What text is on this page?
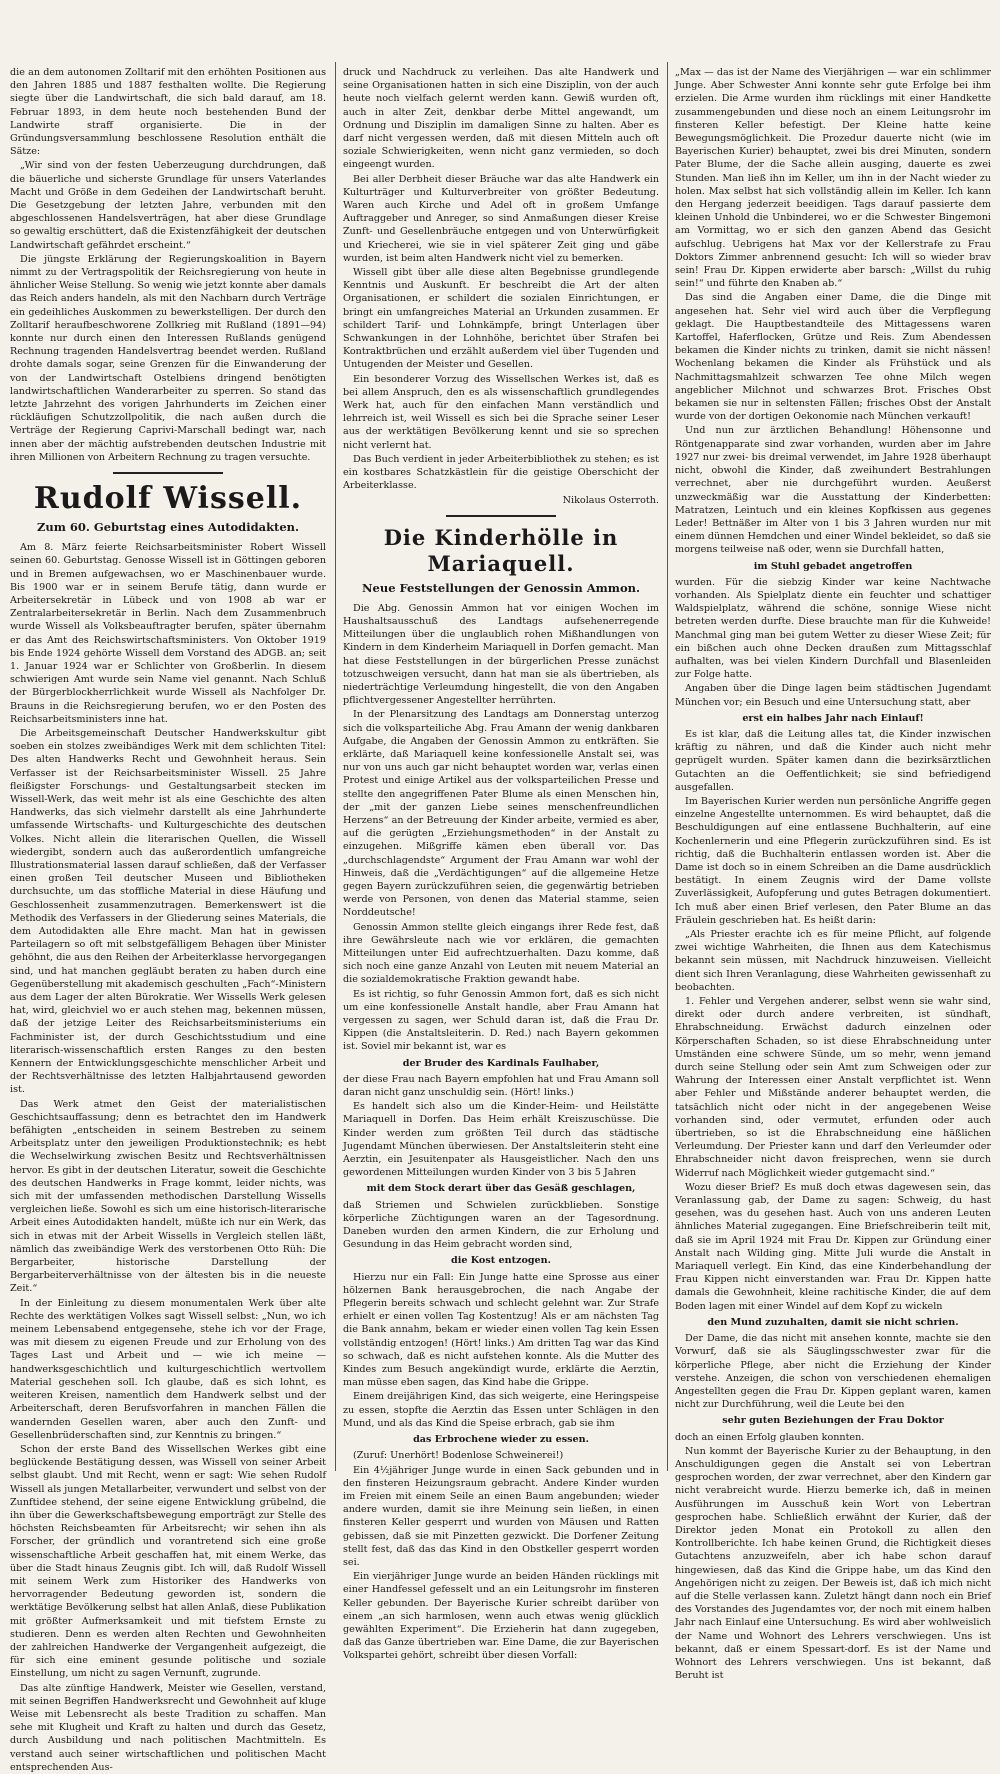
die an dem autonomen Zolltarif mit den erhöhten Positionen aus den Jahren 1885 und 1887 festhalten wollte. Die Regierung siegte über die Landwirtschaft, die sich bald darauf, am 18. Februar 1893, in dem heute noch bestehenden Bund der Landwirte straff organisierte. Die in der Gründungsversammlung beschlossene Resolution enthält die Sätze:

„Wir sind von der festen Ueberzeugung durchdrungen, daß die bäuerliche und sicherste Grundlage für unsers Vaterlandes Macht und Größe in dem Gedeihen der Landwirtschaft beruht. Die Gesetzgebung der letzten Jahre, verbunden mit den abgeschlossenen Handelsverträgen, hat aber diese Grundlage so gewaltig erschüttert, daß die Existenzfähigkeit der deutschen Landwirtschaft gefährdet erscheint.“

Die jüngste Erklärung der Regierungskoalition in Bayern nimmt zu der Vertragspolitik der Reichsregierung von heute in ähnlicher Weise Stellung. So wenig wie jetzt konnte aber damals das Reich anders handeln, als mit den Nachbarn durch Verträge ein gedeihliches Auskommen zu bewerkstelligen. Der durch den Zolltarif heraufbeschworene Zollkrieg mit Rußland (1891—94) konnte nur durch einen den Interessen Rußlands genügend Rechnung tragenden Handelsvertrag beendet werden. Rußland drohte damals sogar, seine Grenzen für die Einwanderung der von der Landwirtschaft Ostelbiens dringend benötigten landwirtschaftlichen Wanderarbeiter zu sperren. So stand das letzte Jahrzehnt des vorigen Jahrhunderts im Zeichen einer rückläufigen Schutzzollpolitik, die nach außen durch die Verträge der Regierung Caprivi-Marschall bedingt war, nach innen aber der mächtig aufstrebenden deutschen Industrie mit ihren Millionen von Arbeitern Rechnung zu tragen versuchte.

Rudolf Wissell.
Zum 60. Geburtstag eines Autodidakten.

Am 8. März feierte Reichsarbeitsminister Robert Wissell seinen 60. Geburtstag. Genosse Wissell ist in Göttingen geboren und in Bremen aufgewachsen, wo er Maschinenbauer wurde. Bis 1900 war er in seinem Berufe tätig, dann wurde er Arbeitersekretär in Lübeck und von 1908 ab war er Zentralarbeitersekretär in Berlin. Nach dem Zusammenbruch wurde Wissell als Volksbeauftragter berufen, später übernahm er das Amt des Reichswirtschaftsministers. Von Oktober 1919 bis Ende 1924 gehörte Wissell dem Vorstand des ADGB. an; seit 1. Januar 1924 war er Schlichter von Großberlin. In diesem schwierigen Amt wurde sein Name viel genannt. Nach Schluß der Bürgerblockherrlichkeit wurde Wissell als Nachfolger Dr. Brauns in die Reichsregierung berufen, wo er den Posten des Reichsarbeitsministers inne hat.

Die Arbeitsgemeinschaft Deutscher Handwerkskultur gibt soeben ein stolzes zweibändiges Werk mit dem schlichten Titel: Des alten Handwerks Recht und Gewohnheit heraus. Sein Verfasser ist der Reichsarbeitsminister Wissell. 25 Jahre fleißigster Forschungs- und Gestaltungsarbeit stecken im Wissell-Werk, das weit mehr ist als eine Geschichte des alten Handwerks, das sich vielmehr darstellt als eine Jahrhunderte umfassende Wirtschafts- und Kulturgeschichte des deutschen Volkes. Nicht allein die literarischen Quellen, die Wissell wiedergibt, sondern auch das außerordentlich umfangreiche Illustrationsmaterial lassen darauf schließen, daß der Verfasser einen großen Teil deutscher Museen und Bibliotheken durchsuchte, um das stoffliche Material in diese Häufung und Geschlossenheit zusammenzutragen. Bemerkenswert ist die Methodik des Verfassers in der Gliederung seines Materials, die dem Autodidakten alle Ehre macht. Man hat in gewissen Parteilagern so oft mit selbstgefälligem Behagen über Minister gehöhnt, die aus den Reihen der Arbeiterklasse hervorgegangen sind, und hat manchen gegläubt beraten zu haben durch eine Gegenüberstellung mit akademisch geschulten „Fach“-Ministern aus dem Lager der alten Bürokratie. Wer Wissells Werk gelesen hat, wird, gleichviel wo er auch stehen mag, bekennen müssen, daß der jetzige Leiter des Reichsarbeitsministeriums ein Fachminister ist, der durch Geschichtsstudium und eine literarisch-wissenschaftlich ersten Ranges zu den besten Kennern der Entwicklungsgeschichte menschlicher Arbeit und der Rechtsverhältnisse des letzten Halbjahrtausend geworden ist.

Das Werk atmet den Geist der materialistischen Geschichtsauffassung; denn es betrachtet den im Handwerk befähigten „entscheiden in seinem Bestreben zu seinem Arbeitsplatz unter den jeweiligen Produktionstechnik; es hebt die Wechselwirkung zwischen Besitz und Rechtsverhältnissen hervor. Es gibt in der deutschen Literatur, soweit die Geschichte des deutschen Handwerks in Frage kommt, leider nichts, was sich mit der umfassenden methodischen Darstellung Wissells vergleichen ließe. Sowohl es sich um eine historisch-literarische Arbeit eines Autodidakten handelt, müßte ich nur ein Werk, das sich in etwas mit der Arbeit Wissells in Vergleich stellen läßt, nämlich das zweibändige Werk des verstorbenen Otto Rüh: Die Bergarbeiter, historische Darstellung der Bergarbeiterverhältnisse von der ältesten bis in die neueste Zeit.“

In der Einleitung zu diesem monumentalen Werk über alte Rechte des werktätigen Volkes sagt Wissell selbst: „Nun, wo ich meinem Lebensabend entgegensehe, stehe ich vor der Frage, was mit diesem zu eigenen Freude und zur Erholung von des Tages Last und Arbeit und — wie ich meine — handwerksgeschichtlich und kulturgeschichtlich wertvollem Material geschehen soll. Ich glaube, daß es sich lohnt, es weiteren Kreisen, namentlich dem Handwerk selbst und der Arbeiterschaft, deren Berufsvorfahren in manchen Fällen die wandernden Gesellen waren, aber auch den Zunft- und Gesellenbrüderschaften sind, zur Kenntnis zu bringen.“

Schon der erste Band des Wissellschen Werkes gibt eine beglückende Bestätigung dessen, was Wissell von seiner Arbeit selbst glaubt. Und mit Recht, wenn er sagt: Wie sehen Rudolf Wissell als jungen Metallarbeiter, verwundert und selbst von der Zunftidee stehend, der seine eigene Entwicklung grübelnd, die ihn über die Gewerkschaftsbewegung emporträgt zur Stelle des höchsten Reichsbeamten für Arbeitsrecht; wir sehen ihn als Forscher, der gründlich und vorantretend sich eine große wissenschaftliche Arbeit geschaffen hat, mit einem Werke, das über die Stadt hinaus Zeugnis gibt. Ich will, daß Rudolf Wissell mit seinem Werk zum Historiker des Handwerks von hervorragender Bedeutung geworden ist, sondern die werktätige Bevölkerung selbst hat allen Anlaß, diese Publikation mit größter Aufmerksamkeit und mit tiefstem Ernste zu studieren. Denn es werden alten Rechten und Gewohnheiten der zahlreichen Handwerke der Vergangenheit aufgezeigt, die für sich eine eminent gesunde politische und soziale Einstellung, um nicht zu sagen Vernunft, zugrunde.

Das alte zünftige Handwerk, Meister wie Gesellen, verstand, mit seinen Begriffen Handwerksrecht und Gewohnheit auf kluge Weise mit Lebensrecht als beste Tradition zu schaffen. Man sehe mit Klugheit und Kraft zu halten und durch das Gesetz, durch Ausbildung und nach politischen Machtmitteln. Es verstand auch seiner wirtschaftlichen und politischen Macht entsprechenden Aus-

druck und Nachdruck zu verleihen. Das alte Handwerk und seine Organisationen hatten in sich eine Disziplin, von der auch heute noch vielfach gelernt werden kann. Gewiß wurden oft, auch in alter Zeit, denkbar derbe Mittel angewandt, um Ordnung und Disziplin im damaligen Sinne zu halten. Aber es darf nicht vergessen werden, daß mit diesen Mitteln auch oft soziale Schwierigkeiten, wenn nicht ganz vermieden, so doch eingeengt wurden.

Bei aller Derbheit dieser Bräuche war das alte Handwerk ein Kulturträger und Kulturverbreiter von größter Bedeutung. Waren auch Kirche und Adel oft in großem Umfange Auftraggeber und Anreger, so sind Anmaßungen dieser Kreise Zunft- und Gesellenbräuche entgegen und von Unterwürfigkeit und Kriecherei, wie sie in viel späterer Zeit ging und gäbe wurden, ist beim alten Handwerk nicht viel zu bemerken.

Wissell gibt über alle diese alten Begebnisse grundlegende Kenntnis und Auskunft. Er beschreibt die Art der alten Organisationen, er schildert die sozialen Einrichtungen, er bringt ein umfangreiches Material an Urkunden zusammen. Er schildert Tarif- und Lohnkämpfe, bringt Unterlagen über Schwankungen in der Lohnhöhe, berichtet über Strafen bei Kontraktbrüchen und erzählt außerdem viel über Tugenden und Untugenden der Meister und Gesellen.

Ein besonderer Vorzug des Wissellschen Werkes ist, daß es bei allem Anspruch, den es als wissenschaftlich grundlegendes Werk hat, auch für den einfachen Mann verständlich und lehrreich ist, weil Wissell es sich bei die Sprache seiner Leser aus der werktätigen Bevölkerung kennt und sie so sprechen nicht verlernt hat.

Das Buch verdient in jeder Arbeiterbibliothek zu stehen; es ist ein kostbares Schatzkästlein für die geistige Oberschicht der Arbeiterklasse.

Nikolaus Osterroth.

Die Kinderhölle in Mariaquell.
Neue Feststellungen der Genossin Ammon.

Die Abg. Genossin Ammon hat vor einigen Wochen im Haushaltsausschuß des Landtags aufsehenerregende Mitteilungen über die unglaublich rohen Mißhandlungen von Kindern in dem Kinderheim Mariaquell in Dorfen gemacht. Man hat diese Feststellungen in der bürgerlichen Presse zunächst totzuschweigen versucht, dann hat man sie als übertrieben, als niederträchtige Verleumdung hingestellt, die von den Angaben pflichtvergessener Angestellter herrührten.

In der Plenarsitzung des Landtags am Donnerstag unterzog sich die volksparteiliche Abg. Frau Amann der wenig dankbaren Aufgabe, die Angaben der Genossin Ammon zu entkräften. Sie erklärte, daß Mariaquell keine konfessionelle Anstalt sei, was nur von uns auch gar nicht behauptet worden war, verlas einen Protest und einige Artikel aus der volksparteilichen Presse und stellte den angegriffenen Pater Blume als einen Menschen hin, der „mit der ganzen Liebe seines menschenfreundlichen Herzens“ an der Betreuung der Kinder arbeite, vermied es aber, auf die gerügten „Erziehungsmethoden“ in der Anstalt zu einzugehen. Mißgriffe kämen eben überall vor. Das „durchschlagendste“ Argument der Frau Amann war wohl der Hinweis, daß die „Verdächtigungen“ auf die allgemeine Hetze gegen Bayern zurückzuführen seien, die gegenwärtig betrieben werde von Personen, von denen das Material stamme, seien Norddeutsche!

Genossin Ammon stellte gleich eingangs ihrer Rede fest, daß ihre Gewährsleute nach wie vor erklären, die gemachten Mitteilungen unter Eid aufrechtzuerhalten. Dazu komme, daß sich noch eine ganze Anzahl von Leuten mit neuem Material an die sozialdemokratische Fraktion gewandt habe.

Es ist richtig, so fuhr Genossin Ammon fort, daß es sich nicht um eine konfessionelle Anstalt handle, aber Frau Amann hat vergessen zu sagen, wer Schuld daran ist, daß die Frau Dr. Kippen (die Anstaltsleiterin. D. Red.) nach Bayern gekommen ist. Soviel mir bekannt ist, war es

der Bruder des Kardinals Faulhaber,

der diese Frau nach Bayern empfohlen hat und Frau Amann soll daran nicht ganz unschuldig sein. (Hört! links.)

Es handelt sich also um die Kinder-Heim- und Heilstätte Mariaquell in Dorfen. Das Heim erhält Kreiszuschüsse. Die Kinder werden zum größten Teil durch das städtische Jugendamt München überwiesen. Der Anstaltsleiterin steht eine Aerztin, ein Jesuitenpater als Hausgeistlicher. Nach den uns gewordenen Mitteilungen wurden Kinder von 3 bis 5 Jahren

mit dem Stock derart über das Gesäß geschlagen,

daß Striemen und Schwielen zurückblieben. Sonstige körperliche Züchtigungen waren an der Tagesordnung. Daneben wurden den armen Kindern, die zur Erholung und Gesundung in das Heim gebracht worden sind,

die Kost entzogen.

Hierzu nur ein Fall: Ein Junge hatte eine Sprosse aus einer hölzernen Bank herausgebrochen, die nach Angabe der Pflegerin bereits schwach und schlecht gelehnt war. Zur Strafe erhielt er einen vollen Tag Kostentzug! Als er am nächsten Tag die Bank annahm, bekam er wieder einen vollen Tag kein Essen vollständig entzogen! (Hört! links.) Am dritten Tag war das Kind so schwach, daß es nicht aufstehen konnte. Als die Mutter des Kindes zum Besuch angekündigt wurde, erklärte die Aerztin, man müsse eben sagen, das Kind habe die Grippe.

Einem dreijährigen Kind, das sich weigerte, eine Heringspeise zu essen, stopfte die Aerztin das Essen unter Schlägen in den Mund, und als das Kind die Speise erbrach, gab sie ihm

das Erbrochene wieder zu essen.

(Zuruf: Unerhört! Bodenlose Schweinerei!)

Ein 4½jähriger Junge wurde in einen Sack gebunden und in den finsteren Heizungsraum gebracht. Andere Kinder wurden im Freien mit einem Seile an einen Baum angebunden; wieder andere wurden, damit sie ihre Meinung sein ließen, in einen finsteren Keller gesperrt und wurden von Mäusen und Ratten gebissen, daß sie mit Pinzetten gezwickt. Die Dorfener Zeitung stellt fest, daß das das Kind in den Obstkeller gesperrt worden sei.

Ein vierjähriger Junge wurde an beiden Händen rücklings mit einer Handfessel gefesselt und an ein Leitungsrohr im finsteren Keller gebunden. Der Bayerische Kurier schreibt darüber von einem „an sich harmlosen, wenn auch etwas wenig glücklich gewählten Experiment“. Die Erzieherin hat dann zugegeben, daß das Ganze übertrieben war. Eine Dame, die zur Bayerischen Volkspartei gehört, schreibt über diesen Vorfall:

„Max — das ist der Name des Vierjährigen — war ein schlimmer Junge. Aber Schwester Anni konnte sehr gute Erfolge bei ihm erzielen. Die Arme wurden ihm rücklings mit einer Handkette zusammengebunden und diese noch an einem Leitungsrohr im finsteren Keller befestigt. Der Kleine hatte keine Bewegungsmöglichkeit. Die Prozedur dauerte nicht (wie im Bayerischen Kurier) behauptet, zwei bis drei Minuten, sondern Pater Blume, der die Sache allein ausging, dauerte es zwei Stunden. Man ließ ihn im Keller, um ihn in der Nacht wieder zu holen. Max selbst hat sich vollständig allein im Keller. Ich kann den Hergang jederzeit beeidigen. Tags darauf passierte dem kleinen Unhold die Unbinderei, wo er die Schwester Bingemoni am Vormittag, wo er sich den ganzen Abend das Gesicht aufschlug. Uebrigens hat Max vor der Kellerstrafe zu Frau Doktors Zimmer anbrennend gesucht: Ich will so wieder brav sein! Frau Dr. Kippen erwiderte aber barsch: „Willst du ruhig sein!“ und führte den Knaben ab.“

Das sind die Angaben einer Dame, die die Dinge mit angesehen hat. Sehr viel wird auch über die Verpflegung geklagt. Die Hauptbestandteile des Mittagessens waren Kartoffel, Haferflocken, Grütze und Reis. Zum Abendessen bekamen die Kinder nichts zu trinken, damit sie nicht nässen! Wochenlang bekamen die Kinder als Frühstück und als Nachmittagsmahlzeit schwarzen Tee ohne Milch wegen angeblicher Milchnot und schwarzes Brot. Frisches Obst bekamen sie nur in seltensten Fällen; frisches Obst der Anstalt wurde von der dortigen Oekonomie nach München verkauft!

Und nun zur ärztlichen Behandlung! Höhensonne und Röntgenapparate sind zwar vorhanden, wurden aber im Jahre 1927 nur zwei- bis dreimal verwendet, im Jahre 1928 überhaupt nicht, obwohl die Kinder, daß zweihundert Bestrahlungen verrechnet, aber nie durchgeführt wurden. Aeußerst unzweckmäßig war die Ausstattung der Kinderbetten: Matratzen, Leintuch und ein kleines Kopfkissen aus gegenes Leder! Bettnäßer im Alter von 1 bis 3 Jahren wurden nur mit einem dünnen Hemdchen und einer Windel bekleidet, so daß sie morgens teilweise naß oder, wenn sie Durchfall hatten,

im Stuhl gebadet angetroffen

wurden. Für die siebzig Kinder war keine Nachtwache vorhanden. Als Spielplatz diente ein feuchter und schattiger Waldspielplatz, während die schöne, sonnige Wiese nicht betreten werden durfte. Diese brauchte man für die Kuhweide! Manchmal ging man bei gutem Wetter zu dieser Wiese Zeit; für ein bißchen auch ohne Decken draußen zum Mittagsschlaf aufhalten, was bei vielen Kindern Durchfall und Blasenleiden zur Folge hatte.

Angaben über die Dinge lagen beim städtischen Jugendamt München vor; ein Besuch und eine Untersuchung statt, aber

erst ein halbes Jahr nach Einlauf!

Es ist klar, daß die Leitung alles tat, die Kinder inzwischen kräftig zu nähren, und daß die Kinder auch nicht mehr geprügelt wurden. Später kamen dann die bezirksärztlichen Gutachten an die Oeffentlichkeit; sie sind befriedigend ausgefallen.

Im Bayerischen Kurier werden nun persönliche Angriffe gegen einzelne Angestellte unternommen. Es wird behauptet, daß die Beschuldigungen auf eine entlassene Buchhalterin, auf eine Kochenlernerin und eine Pflegerin zurückzuführen sind. Es ist richtig, daß die Buchhalterin entlassen worden ist. Aber die Dame ist doch so in einem Schreiben an die Dame ausdrücklich bestätigt. In einem Zeugnis wird der Dame vollste Zuverlässigkeit, Aufopferung und gutes Betragen dokumentiert. Ich muß aber einen Brief verlesen, den Pater Blume an das Fräulein geschrieben hat. Es heißt darin:

„Als Priester erachte ich es für meine Pflicht, auf folgende zwei wichtige Wahrheiten, die Ihnen aus dem Katechismus bekannt sein müssen, mit Nachdruck hinzuweisen. Vielleicht dient sich Ihren Veranlagung, diese Wahrheiten gewissenhaft zu beobachten.

1. Fehler und Vergehen anderer, selbst wenn sie wahr sind, direkt oder durch andere verbreiten, ist sündhaft, Ehrabschneidung. Erwächst dadurch einzelnen oder Körperschaften Schaden, so ist diese Ehrabschneidung unter Umständen eine schwere Sünde, um so mehr, wenn jemand durch seine Stellung oder sein Amt zum Schweigen oder zur Wahrung der Interessen einer Anstalt verpflichtet ist. Wenn aber Fehler und Mißstände anderer behauptet werden, die tatsächlich nicht oder nicht in der angegebenen Weise vorhanden sind, oder vermutet, erfunden oder auch übertrieben, so ist die Ehrabschneidung eine häßlichen Verleumdung. Der Priester kann und darf den Verleumder oder Ehrabschneider nicht davon freisprechen, wenn sie durch Widerruf nach Möglichkeit wieder gutgemacht sind.“

Wozu dieser Brief? Es muß doch etwas dagewesen sein, das Veranlassung gab, der Dame zu sagen: Schweig, du hast gesehen, was du gesehen hast. Auch von uns anderen Leuten ähnliches Material zugegangen. Eine Briefschreiberin teilt mit, daß sie im April 1924 mit Frau Dr. Kippen zur Gründung einer Anstalt nach Wilding ging. Mitte Juli wurde die Anstalt in Mariaquell verlegt. Ein Kind, das eine Kinderbehandlung der Frau Kippen nicht einverstanden war. Frau Dr. Kippen hatte damals die Gewohnheit, kleine rachitische Kinder, die auf dem Boden lagen mit einer Windel auf dem Kopf zu wickeln

den Mund zuzuhalten, damit sie nicht schrien.

Der Dame, die das nicht mit ansehen konnte, machte sie den Vorwurf, daß sie als Säuglingsschwester zwar für die körperliche Pflege, aber nicht die Erziehung der Kinder verstehe. Anzeigen, die schon von verschiedenen ehemaligen Angestellten gegen die Frau Dr. Kippen geplant waren, kamen nicht zur Durchführung, weil die Leute bei den

sehr guten Beziehungen der Frau Doktor

doch an einen Erfolg glauben konnten.

Nun kommt der Bayerische Kurier zu der Behauptung, in den Anschuldigungen gegen die Anstalt sei von Lebertran gesprochen worden, der zwar verrechnet, aber den Kindern gar nicht verabreicht wurde. Hierzu bemerke ich, daß in meinen Ausführungen im Ausschuß kein Wort von Lebertran gesprochen habe. Schließlich erwähnt der Kurier, daß der Direktor jeden Monat ein Protokoll zu allen den Kontrollberichte. Ich habe keinen Grund, die Richtigkeit dieses Gutachtens anzuzweifeln, aber ich habe schon darauf hingewiesen, daß das Kind die Grippe habe, um das Kind den Angehörigen nicht zu zeigen. Der Beweis ist, daß ich mich nicht auf die Stelle verlassen kann. Zuletzt hängt dann noch ein Brief des Vorstandes des Jugendamtes vor, der noch mit einem halben Jahr nach Einlauf eine Untersuchung. Es wird aber wohlweislich der Name und Wohnort des Lehrers verschwiegen. Uns ist bekannt, daß er einem Spessart-dorf. Es ist der Name und Wohnort des Lehrers verschwiegen. Uns ist bekannt, daß Beruht ist
